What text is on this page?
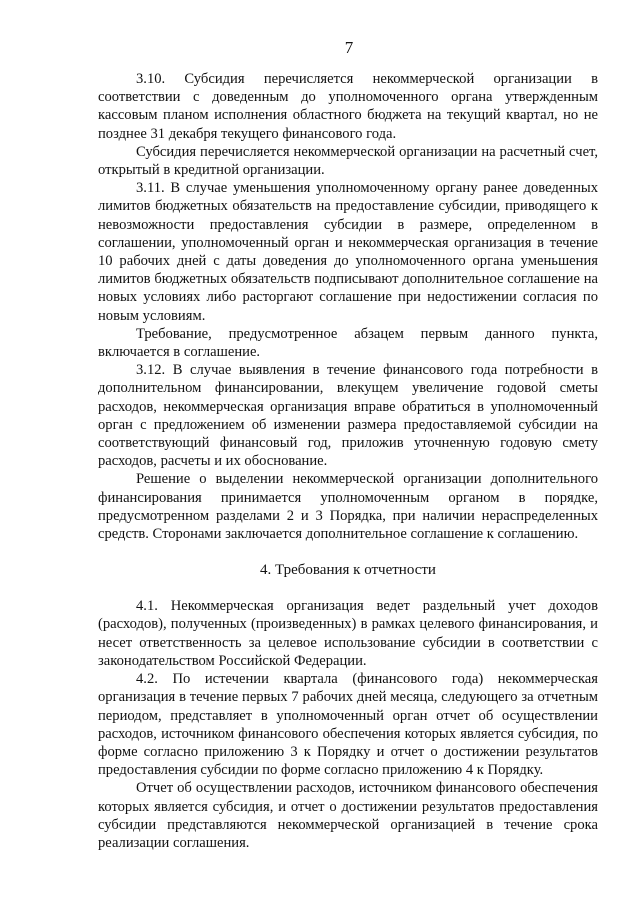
7

3.10. Субсидия перечисляется некоммерческой организации в соответствии с доведенным до уполномоченного органа утвержденным кассовым планом исполнения областного бюджета на текущий квартал, но не позднее 31 декабря текущего финансового года.

Субсидия перечисляется некоммерческой организации на расчетный счет, открытый в кредитной организации.

3.11. В случае уменьшения уполномоченному органу ранее доведенных лимитов бюджетных обязательств на предоставление субсидии, приводящего к невозможности предоставления субсидии в размере, определенном в соглашении, уполномоченный орган и некоммерческая организация в течение 10 рабочих дней с даты доведения до уполномоченного органа уменьшения лимитов бюджетных обязательств подписывают дополнительное соглашение на новых условиях либо расторгают соглашение при недостижении согласия по новым условиям.

Требование, предусмотренное абзацем первым данного пункта, включается в соглашение.

3.12. В случае выявления в течение финансового года потребности в дополнительном финансировании, влекущем увеличение годовой сметы расходов, некоммерческая организация вправе обратиться в уполномоченный орган с предложением об изменении размера предоставляемой субсидии на соответствующий финансовый год, приложив уточненную годовую смету расходов, расчеты и их обоснование.

Решение о выделении некоммерческой организации дополнительного финансирования принимается уполномоченным органом в порядке, предусмотренном разделами 2 и 3 Порядка, при наличии нераспределенных средств. Сторонами заключается дополнительное соглашение к соглашению.

4. Требования к отчетности

4.1. Некоммерческая организация ведет раздельный учет доходов (расходов), полученных (произведенных) в рамках целевого финансирования, и несет ответственность за целевое использование субсидии в соответствии с законодательством Российской Федерации.

4.2. По истечении квартала (финансового года) некоммерческая организация в течение первых 7 рабочих дней месяца, следующего за отчетным периодом, представляет в уполномоченный орган отчет об осуществлении расходов, источником финансового обеспечения которых является субсидия, по форме согласно приложению 3 к Порядку и отчет о достижении результатов предоставления субсидии по форме согласно приложению 4 к Порядку.

Отчет об осуществлении расходов, источником финансового обеспечения которых является субсидия, и отчет о достижении результатов предоставления субсидии представляются некоммерческой организацией в течение срока реализации соглашения.
